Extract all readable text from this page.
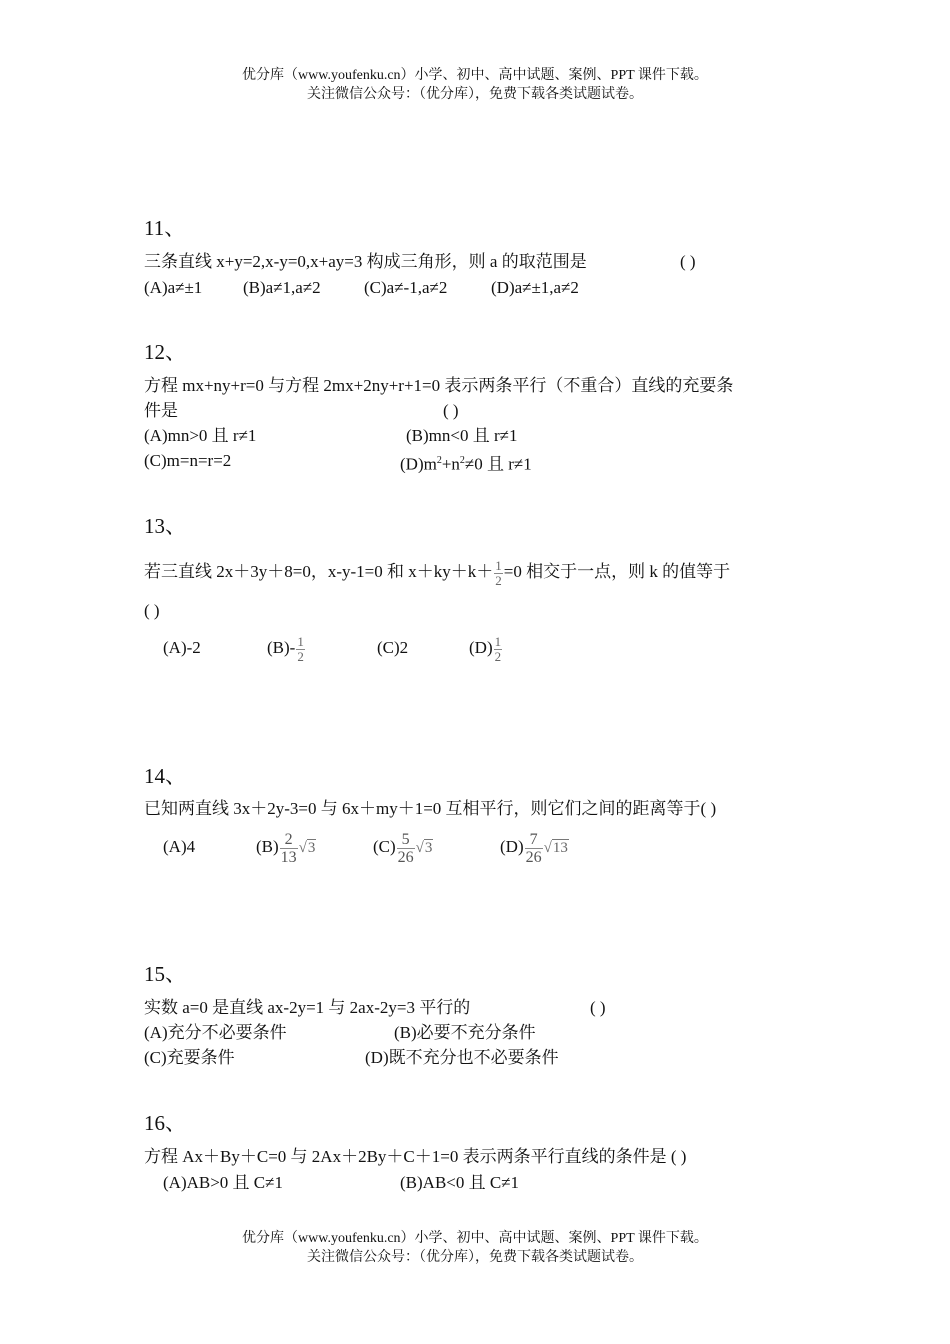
优分库（www.youfenku.cn）小学、初中、高中试题、案例、PPT 课件下载。
关注微信公众号：（优分库），免费下载各类试题试卷。
11、
三条直线 x+y=2,x-y=0,x+ay=3 构成三角形，则 a 的取范围是	( )
(A)a≠±1 (B)a≠1,a≠2	(C)a≠-1,a≠2	(D)a≠±1,a≠2
12、
方程 mx+ny+r=0 与方程 2mx+2ny+r+1=0 表示两条平行（不重合）直线的充要条
件是	( )
(A)mn>0 且 r≠1	(B)mn<0 且 r≠1
(C)m=n=r=2	$(D)m^2+n^2\ne 0$ 且 r≠1
13、
若三直线 2x＋3y＋8=0，x-y-1=0 和 $x+ky+k+ \frac{1}{2} =0$ 相交于一点，则 k 的值等于
( )
(A)-2	$(B)- \frac{1}{2}$	(C)2	$(D) \frac{1}{2}$
14、
已知两直线 3x＋2y-3=0 与 6x＋my＋1=0 互相平行，则它们之间的距离等于( )
(A)4	$(B) \frac{2}{13} √3$	$(C) \frac{5}{26} √3$	$(D) \frac{7}{26} √13$
15、
实数 a=0 是直线 ax-2y=1 与 2ax-2y=3 平行的	( )
(A)充分不必要条件	(B)必要不充分条件
(C)充要条件	(D)既不充分也不必要条件
16、
方程 Ax＋By＋C=0 与 2Ax＋2By＋C＋1=0 表示两条平行直线的条件是 ( )
(A)AB>0 且 C≠1	(B)AB<0 且 C≠1
优分库（www.youfenku.cn）小学、初中、高中试题、案例、PPT 课件下载。
关注微信公众号：（优分库），免费下载各类试题试卷。
